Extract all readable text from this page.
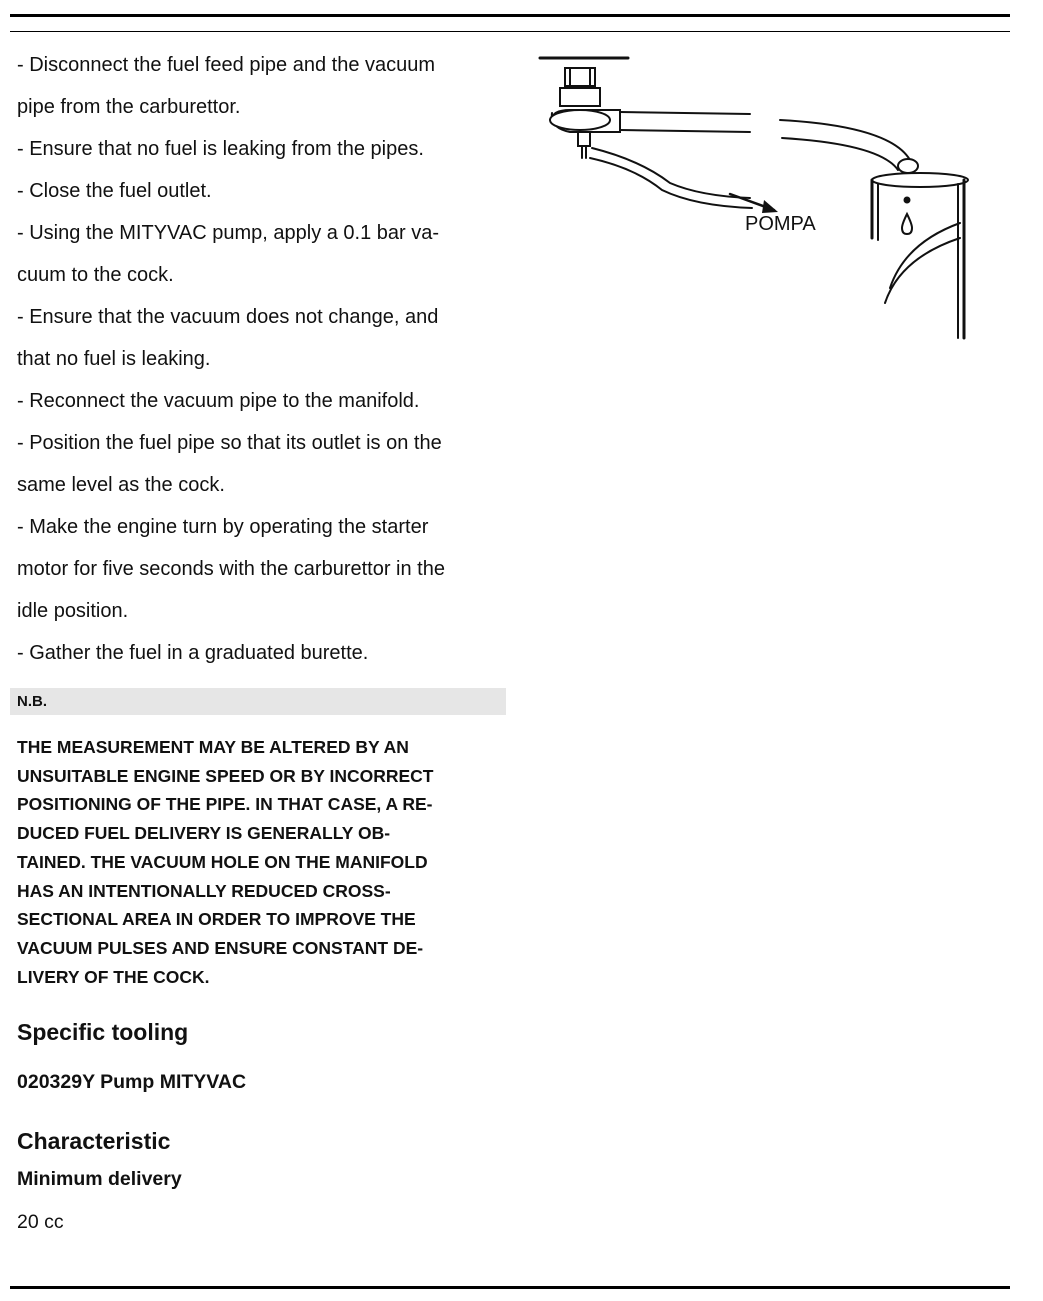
- Disconnect the fuel feed pipe and the vacuum
pipe from the carburettor.
- Ensure that no fuel is leaking from the pipes.
- Close the fuel outlet.
- Using the MITYVAC pump, apply a 0.1 bar va-
cuum to the cock.
- Ensure that the vacuum does not change, and
that no fuel is leaking.
- Reconnect the vacuum pipe to the manifold.
- Position the fuel pipe so that its outlet is on the
same level as the cock.
- Make the engine turn by operating the starter
motor for five seconds with the carburettor in the
idle position.
- Gather the fuel in a graduated burette.
N.B.
THE MEASUREMENT MAY BE ALTERED BY AN
UNSUITABLE ENGINE SPEED OR BY INCORRECT
POSITIONING OF THE PIPE. IN THAT CASE, A RE-
DUCED FUEL DELIVERY IS GENERALLY OB-
TAINED. THE VACUUM HOLE ON THE MANIFOLD
HAS AN INTENTIONALLY REDUCED CROSS-
SECTIONAL AREA IN ORDER TO IMPROVE THE
VACUUM PULSES AND ENSURE CONSTANT DE-
LIVERY OF THE COCK.
Specific tooling
020329Y Pump MITYVAC
Characteristic
Minimum delivery
20 cc
POMPA
